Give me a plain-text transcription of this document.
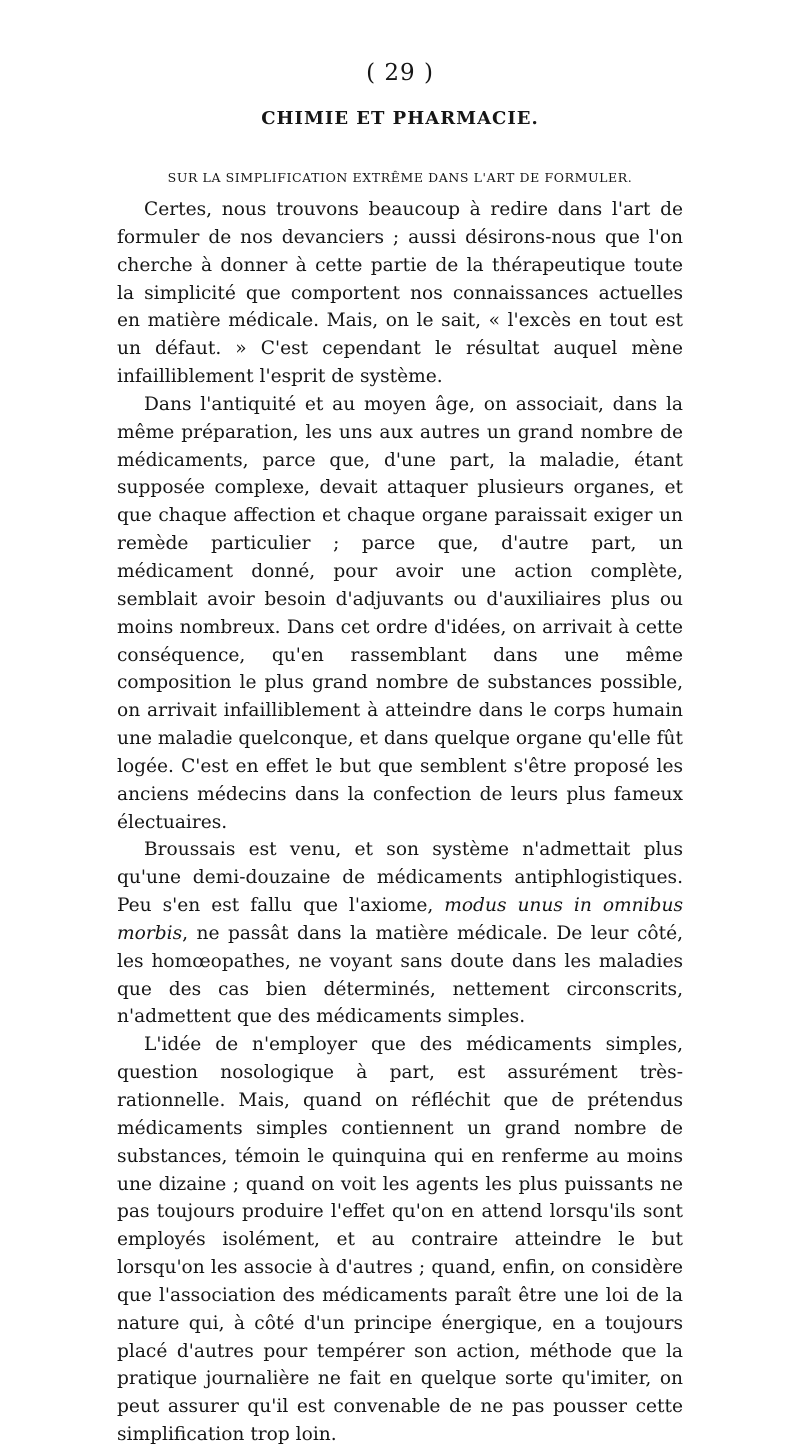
( 29 )
CHIMIE ET PHARMACIE.
SUR LA SIMPLIFICATION EXTRÊME DANS L'ART DE FORMULER.

Certes, nous trouvons beaucoup à redire dans l'art de formuler de nos devanciers ; aussi désirons-nous que l'on cherche à donner à cette partie de la thérapeutique toute la simplicité que comportent nos connaissances actuelles en matière médicale. Mais, on le sait, « l'excès en tout est un défaut. » C'est cependant le résultat auquel mène infailliblement l'esprit de système.

Dans l'antiquité et au moyen âge, on associait, dans la même préparation, les uns aux autres un grand nombre de médicaments, parce que, d'une part, la maladie, étant supposée complexe, devait attaquer plusieurs organes, et que chaque affection et chaque organe paraissait exiger un remède particulier ; parce que, d'autre part, un médicament donné, pour avoir une action complète, semblait avoir besoin d'adjuvants ou d'auxiliaires plus ou moins nombreux. Dans cet ordre d'idées, on arrivait à cette conséquence, qu'en rassemblant dans une même composition le plus grand nombre de substances possible, on arrivait infailliblement à atteindre dans le corps humain une maladie quelconque, et dans quelque organe qu'elle fût logée. C'est en effet le but que semblent s'être proposé les anciens médecins dans la confection de leurs plus fameux électuaires.

Broussais est venu, et son système n'admettait plus qu'une demi-douzaine de médicaments antiphlogistiques. Peu s'en est fallu que l'axiome, modus unus in omnibus morbis, ne passât dans la matière médicale. De leur côté, les homœopathes, ne voyant sans doute dans les maladies que des cas bien déterminés, nettement circonscrits, n'admettent que des médicaments simples.

L'idée de n'employer que des médicaments simples, question nosologique à part, est assurément très-rationnelle. Mais, quand on réfléchit que de prétendus médicaments simples contiennent un grand nombre de substances, témoin le quinquina qui en renferme au moins une dizaine ; quand on voit les agents les plus puissants ne pas toujours produire l'effet qu'on en attend lorsqu'ils sont employés isolément, et au contraire atteindre le but lorsqu'on les associe à d'autres ; quand, enfin, on considère que l'association des médicaments paraît être une loi de la nature qui, à côté d'un principe énergique, en a toujours placé d'autres pour tempérer son action, méthode que la pratique journalière ne fait en quelque sorte qu'imiter, on peut assurer qu'il est convenable de ne pas pousser cette simplification trop loin.
